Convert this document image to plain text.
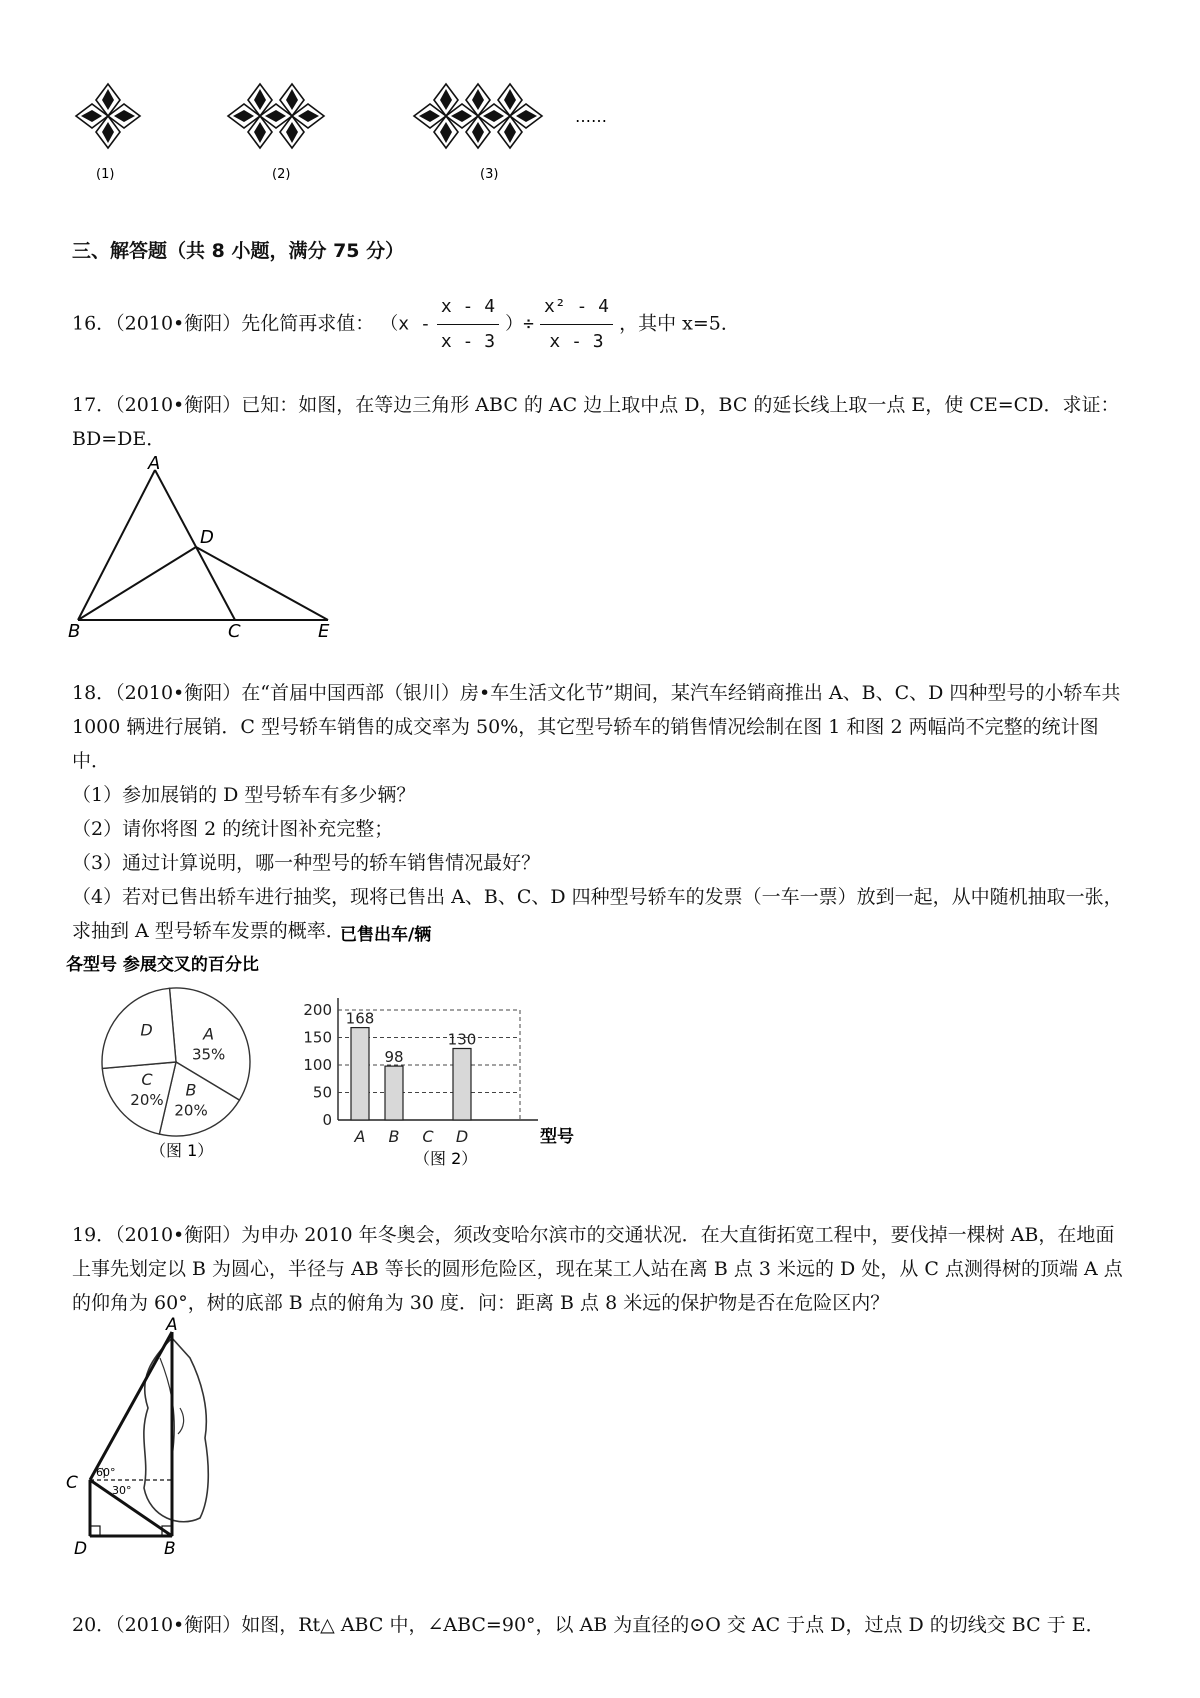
……
(1)	(2)	(3)
三、解答题（共 8 小题，满分 75 分）
16．（2010•衡阳）先化简再求值： （$x - \frac{x - 4}{x - 3}$ ）÷ $\frac{\text{x² - 4}}{x - 3}$ ，其中 x=5．

17．（2010•衡阳）已知：如图，在等边三角形 ABC 的 AC 边上取中点 D，BC 的延长线上取一点 E，使 CE=CD．求证：BD=DE．

A
D
B	C	E

18．（2010•衡阳）在“首届中国西部（银川）房•车生活文化节”期间，某汽车经销商推出 A、B、C、D 四种型号的小轿车共 1000 辆进行展销．C 型号轿车销售的成交率为 50%，其它型号轿车的销售情况绘制在图 1 和图 2 两幅尚不完整的统计图中．

（1）参加展销的 D 型号轿车有多少辆？
（2）请你将图 2 的统计图补充完整；
（3）通过计算说明，哪一种型号的轿车销售情况最好？
（4）若对已售出轿车进行抽奖，现将已售出 A、B、C、D 四种型号轿车的发票（一车一票）放到一起，从中随机抽取一张，求抽到 A 型号轿车发票的概率．
各型号 参展交叉的百分比
A
35%
B
20%
C
20%
D
（图 1）
已售出车/辆
0
50
100
150
200 168
98
130
A B C D	型号
（图 2）

19．（2010•衡阳）为申办 2010 年冬奥会，须改变哈尔滨市的交通状况．在大直街拓宽工程中，要伐掉一棵树 AB，在地面上事先划定以 B 为圆心，半径与 AB 等长的圆形危险区，现在某工人站在离 B 点 3 米远的 D 处，从 C 点测得树的顶端 A 点的仰角为 60°，树的底部 B 点的俯角为 30 度．问：距离 B 点 8 米远的保护物是否在危险区内？

A
C
D	B
60°
30°

20．（2010•衡阳）如图，Rt△ ABC 中，∠ABC=90°，以 AB 为直径的⊙O 交 AC 于点 D，过点 D 的切线交 BC 于 E．
